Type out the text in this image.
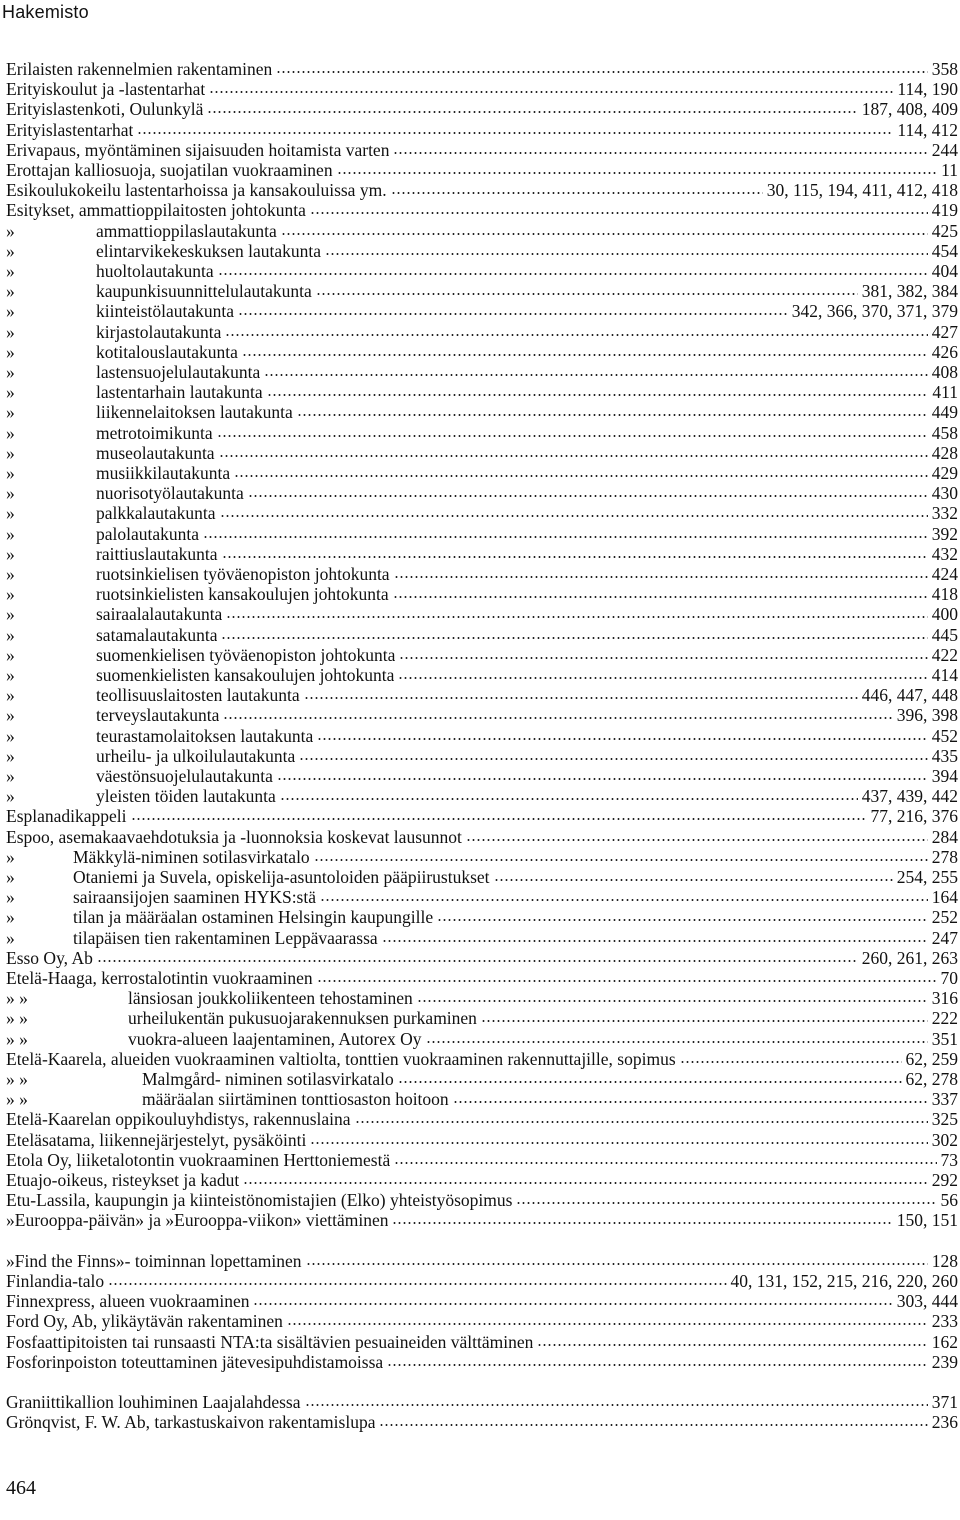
Hakemisto
Erilaisten rakennelmien rakentaminen	358
Erityiskoulut ja -lastentarhat	114, 190
Erityislastenkoti, Oulunkylä	187, 408, 409
Erityislastentarhat	114, 412
Erivapaus, myöntäminen sijaisuuden hoitamista varten	244
Erottajan kalliosuoja, suojatilan vuokraaminen	11
Esikoulukokeilu lastentarhoissa ja kansakouluissa ym.	30, 115, 194, 411, 412, 418
Esitykset, ammattioppilaitosten johtokunta	419
»	ammattioppilaslautakunta	425
»	elintarvikekeskuksen lautakunta	454
»	huoltolautakunta	404
»	kaupunkisuunnittelulautakunta	381, 382, 384
»	kiinteistölautakunta	342, 366, 370, 371, 379
»	kirjastolautakunta	427
»	kotitalouslautakunta	426
»	lastensuojelulautakunta	408
»	lastentarhain lautakunta	411
»	liikennelaitoksen lautakunta	449
»	metrotoimikunta	458
»	museolautakunta	428
»	musiikkilautakunta	429
»	nuorisotyölautakunta	430
»	palkkalautakunta	332
»	palolautakunta	392
»	raittiuslautakunta	432
»	ruotsinkielisen työväenopiston johtokunta	424
»	ruotsinkielisten kansakoulujen johtokunta	418
»	sairaalalautakunta	400
»	satamalautakunta	445
»	suomenkielisen työväenopiston johtokunta	422
»	suomenkielisten kansakoulujen johtokunta	414
»	teollisuuslaitosten lautakunta	446, 447, 448
»	terveyslautakunta	396, 398
»	teurastamolaitoksen lautakunta	452
»	urheilu- ja ulkoilulautakunta	435
»	väestönsuojelulautakunta	394
»	yleisten töiden lautakunta	437, 439, 442
Esplanadikappeli	77, 216, 376
Espoo, asemakaavaehdotuksia ja -luonnoksia koskevat lausunnot	284
»	Mäkkylä-niminen sotilasvirkatalo	278
»	Otaniemi ja Suvela, opiskelija-asuntoloiden pääpiirustukset	254, 255
»	sairaansijojen saaminen HYKS:stä	164
»	tilan ja määräalan ostaminen Helsingin kaupungille	252
»	tilapäisen tien rakentaminen Leppävaarassa	247
Esso Oy, Ab	260, 261, 263
Etelä-Haaga, kerrostalotintin vuokraaminen	70
» »	länsiosan joukkoliikenteen tehostaminen	316
» »	urheilukentän pukusuojarakennuksen purkaminen	222
» »	vuokra-alueen laajentaminen, Autorex Oy	351
Etelä-Kaarela, alueiden vuokraaminen valtiolta, tonttien vuokraaminen rakennuttajille, sopimus	62, 259
» »	Malmgård- niminen sotilasvirkatalo	62, 278
» »	määräalan siirtäminen tonttiosaston hoitoon	337
Etelä-Kaarelan oppikouluyhdistys, rakennuslaina	325
Eteläsatama, liikennejärjestelyt, pysäköinti	302
Etola Oy, liiketalotontin vuokraaminen Herttoniemestä	73
Etuajo-oikeus, risteykset ja kadut	292
Etu-Lassila, kaupungin ja kiinteistönomistajien (Elko) yhteistyösopimus	56
»Eurooppa-päivän» ja »Eurooppa-viikon» viettäminen	150, 151
»Find the Finns»- toiminnan lopettaminen	128
Finlandia-talo	40, 131, 152, 215, 216, 220, 260
Finnexpress, alueen vuokraaminen	303, 444
Ford Oy, Ab, ylikäytävän rakentaminen	233
Fosfaattipitoisten tai runsaasti NTA:ta sisältävien pesuaineiden välttäminen	162
Fosforinpoiston toteuttaminen jätevesipuhdistamoissa	239
Graniittikallion louhiminen Laajalahdessa	371
Grönqvist, F. W. Ab, tarkastuskaivon rakentamislupa	236
464
